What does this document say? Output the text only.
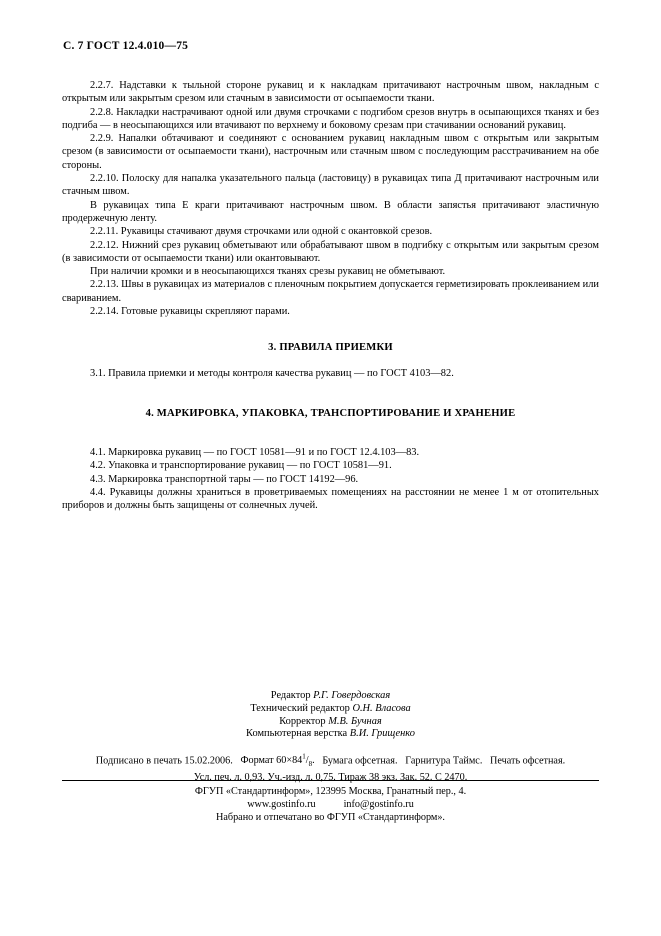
С. 7 ГОСТ 12.4.010—75

2.2.7. Надставки к тыльной стороне рукавиц и к накладкам притачивают настрочным швом, накладным с открытым или закрытым срезом или стачным в зависимости от осыпаемости ткани.

2.2.8. Накладки настрачивают одной или двумя строчками с подгибом срезов внутрь в осыпающихся тканях и без подгиба — в неосыпающихся или втачивают по верхнему и боковому срезам при стачивании оснований рукавиц.

2.2.9. Напалки обтачивают и соединяют с основанием рукавиц накладным швом с открытым или закрытым срезом (в зависимости от осыпаемости ткани), настрочным или стачным швом с последующим расстрачиванием на обе стороны.

2.2.10. Полоску для напалка указательного пальца (ластовицу) в рукавицах типа Д притачивают настрочным или стачным швом.

В рукавицах типа Е краги притачивают настрочным швом. В области запястья притачивают эластичную продержечную ленту.

2.2.11. Рукавицы стачивают двумя строчками или одной с окантовкой срезов.

2.2.12. Нижний срез рукавиц обметывают или обрабатывают швом в подгибку с открытым или закрытым срезом (в зависимости от осыпаемости ткани) или окантовывают.

При наличии кромки и в неосыпающихся тканях срезы рукавиц не обметывают.

2.2.13. Швы в рукавицах из материалов с пленочным покрытием допускается герметизировать проклеиванием или свариванием.

2.2.14. Готовые рукавицы скрепляют парами.

3. ПРАВИЛА ПРИЕМКИ

3.1. Правила приемки и методы контроля качества рукавиц — по ГОСТ 4103—82.

4. МАРКИРОВКА, УПАКОВКА, ТРАНСПОРТИРОВАНИЕ И ХРАНЕНИЕ

4.1. Маркировка рукавиц — по ГОСТ 10581—91 и по ГОСТ 12.4.103—83.

4.2. Упаковка и транспортирование рукавиц — по ГОСТ 10581—91.

4.3. Маркировка транспортной тары — по ГОСТ 14192—96.

4.4. Рукавицы должны храниться в проветриваемых помещениях на расстоянии не менее 1 м от отопительных приборов и должны быть защищены от солнечных лучей.

Редактор Р.Г. Говердовская
Технический редактор О.Н. Власова
Корректор М.В. Бучная
Компьютерная верстка В.И. Грищенко
Подписано в печать 15.02.2006. Формат $60\times 84^1/_8$. Бумага офсетная. Гарнитура Таймс. Печать офсетная.
Усл. печ. л. 0,93. Уч.-изд. л. 0,75. Тираж 38 экз. Зак. 52. С 2470.
ФГУП «Стандартинформ», 123995 Москва, Гранатный пер., 4.
www.gostinfo.ru	info@gostinfo.ru
Набрано и отпечатано во ФГУП «Стандартинформ».
